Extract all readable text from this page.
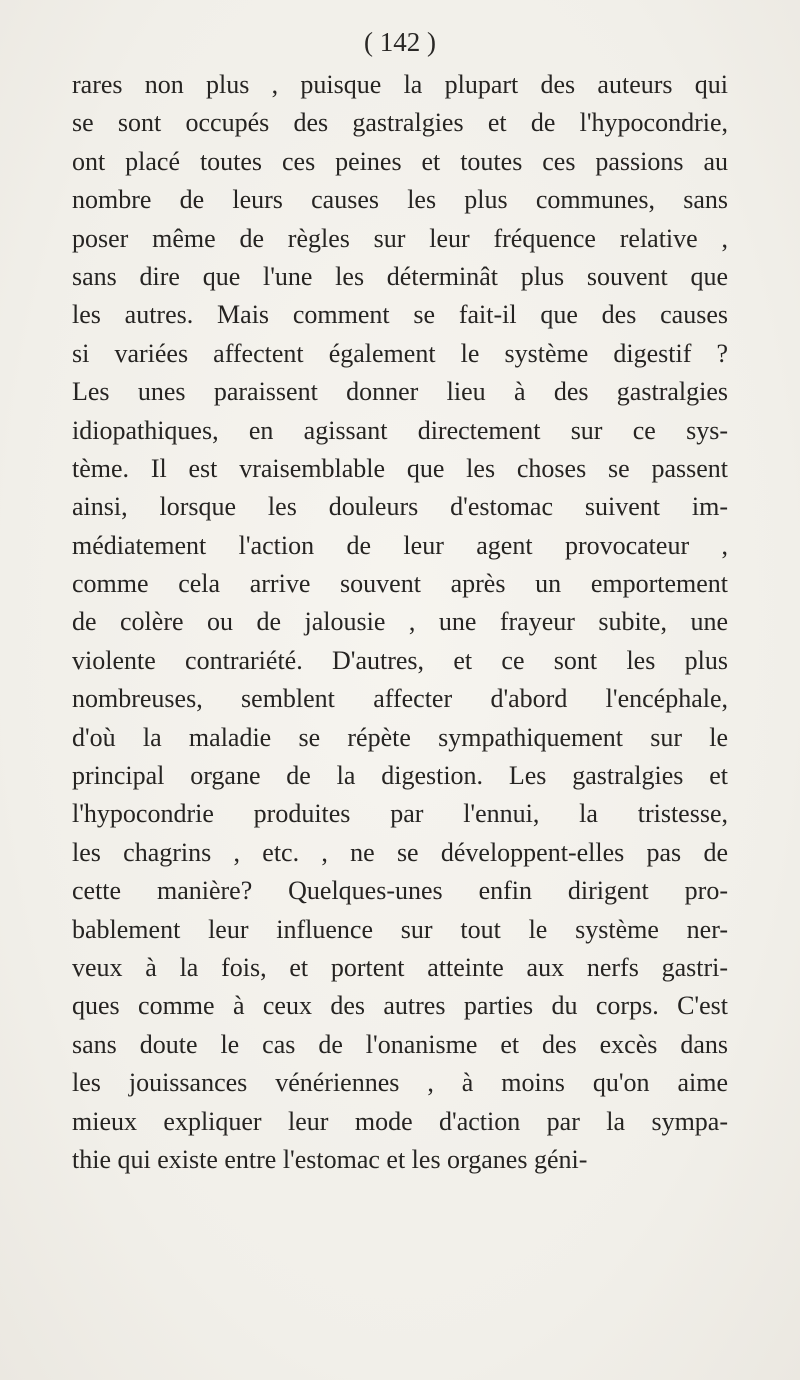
( 142 )
rares non plus , puisque la plupart des auteurs qui
se sont occupés des gastralgies et de l'hypocondrie,
ont placé toutes ces peines et toutes ces passions au
nombre de leurs causes les plus communes, sans
poser même de règles sur leur fréquence relative ,
sans dire que l'une les déterminât plus souvent que
les autres. Mais comment se fait-il que des causes
si variées affectent également le système digestif ?
Les unes paraissent donner lieu à des gastralgies
idiopathiques, en agissant directement sur ce sys-
tème. Il est vraisemblable que les choses se passent
ainsi, lorsque les douleurs d'estomac suivent im-
médiatement l'action de leur agent provocateur ,
comme cela arrive souvent après un emportement
de colère ou de jalousie , une frayeur subite, une
violente contrariété. D'autres, et ce sont les plus
nombreuses, semblent affecter d'abord l'encéphale,
d'où la maladie se répète sympathiquement sur le
principal organe de la digestion. Les gastralgies et
l'hypocondrie produites par l'ennui, la tristesse,
les chagrins , etc. , ne se développent-elles pas de
cette manière? Quelques-unes enfin dirigent pro-
bablement leur influence sur tout le système ner-
veux à la fois, et portent atteinte aux nerfs gastri-
ques comme à ceux des autres parties du corps. C'est
sans doute le cas de l'onanisme et des excès dans
les jouissances vénériennes , à moins qu'on aime
mieux expliquer leur mode d'action par la sympa-
thie qui existe entre l'estomac et les organes géni-
